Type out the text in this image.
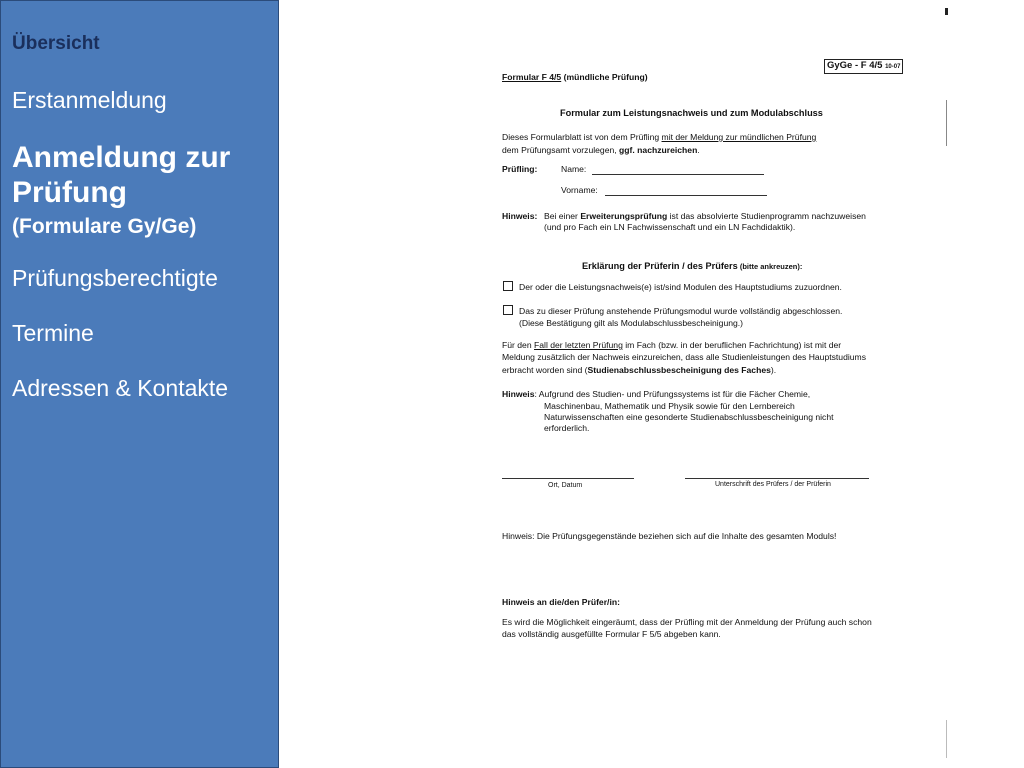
Übersicht
Erstanmeldung
Anmeldung zur Prüfung
(Formulare Gy/Ge)
Prüfungsberechtigte
Termine
Adressen & Kontakte
GyGe - F 4/5 10-07
Formular F 4/5 (mündliche Prüfung)
Formular zum Leistungsnachweis und zum Modulabschluss
Dieses Formularblatt ist von dem Prüfling mit der Meldung zur mündlichen Prüfung
dem Prüfungsamt vorzulegen, ggf. nachzureichen.
Prüfling:	Name:
Vorname:
Hinweis: Bei einer Erweiterungsprüfung ist das absolvierte Studienprogramm nachzuweisen
(und pro Fach ein LN Fachwissenschaft und ein LN Fachdidaktik).
Erklärung der Prüferin / des Prüfers (bitte ankreuzen):
Der oder die Leistungsnachweis(e) ist/sind Modulen des Hauptstudiums zuzuordnen.
Das zu dieser Prüfung anstehende Prüfungsmodul wurde vollständig abgeschlossen.
(Diese Bestätigung gilt als Modulabschlussbescheinigung.)
Für den Fall der letzten Prüfung im Fach (bzw. in der beruflichen Fachrichtung) ist mit der
Meldung zusätzlich der Nachweis einzureichen, dass alle Studienleistungen des Hauptstudiums
erbracht worden sind (Studienabschlussbescheinigung des Faches).
Hinweis: Aufgrund des Studien- und Prüfungssystems ist für die Fächer Chemie,
Maschinenbau, Mathematik und Physik sowie für den Lernbereich
Naturwissenschaften eine gesonderte Studienabschlussbescheinigung nicht
erforderlich.
Ort, Datum	Unterschrift des Prüfers / der Prüferin
Hinweis: Die Prüfungsgegenstände beziehen sich auf die Inhalte des gesamten Moduls!
Hinweis an die/den Prüfer/in:
Es wird die Möglichkeit eingeräumt, dass der Prüfling mit der Anmeldung der Prüfung auch schon
das vollständig ausgefüllte Formular F 5/5 abgeben kann.
